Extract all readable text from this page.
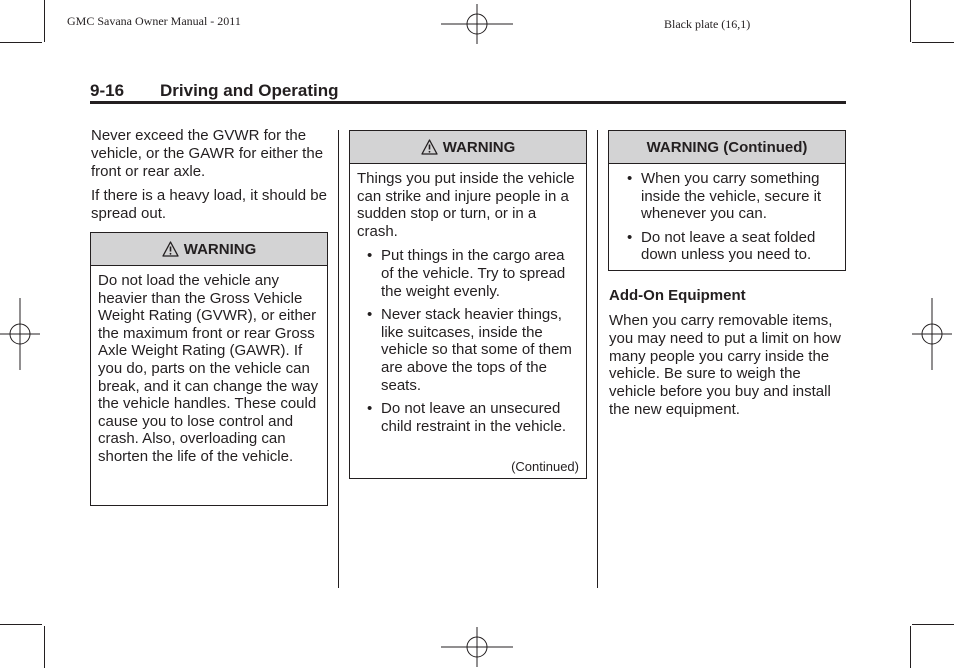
GMC Savana Owner Manual - 2011	Black plate (16,1)
9-16 Driving and Operating

Never exceed the GVWR for the vehicle, or the GAWR for either the front or rear axle.

If there is a heavy load, it should be spread out.

WARNING
Do not load the vehicle any heavier than the Gross Vehicle Weight Rating (GVWR), or either the maximum front or rear Gross Axle Weight Rating (GAWR). If you do, parts on the vehicle can break, and it can change the way the vehicle handles. These could cause you to lose control and crash. Also, overloading can shorten the life of the vehicle.
WARNING
Things you put inside the vehicle can strike and injure people in a sudden stop or turn, or in a crash.
• Put things in the cargo area of the vehicle. Try to spread the weight evenly.
• Never stack heavier things, like suitcases, inside the vehicle so that some of them are above the tops of the seats.
• Do not leave an unsecured child restraint in the vehicle.
(Continued)
WARNING (Continued)
• When you carry something inside the vehicle, secure it whenever you can.
• Do not leave a seat folded down unless you need to.
Add-On Equipment

When you carry removable items, you may need to put a limit on how many people you carry inside the vehicle. Be sure to weigh the vehicle before you buy and install the new equipment.
